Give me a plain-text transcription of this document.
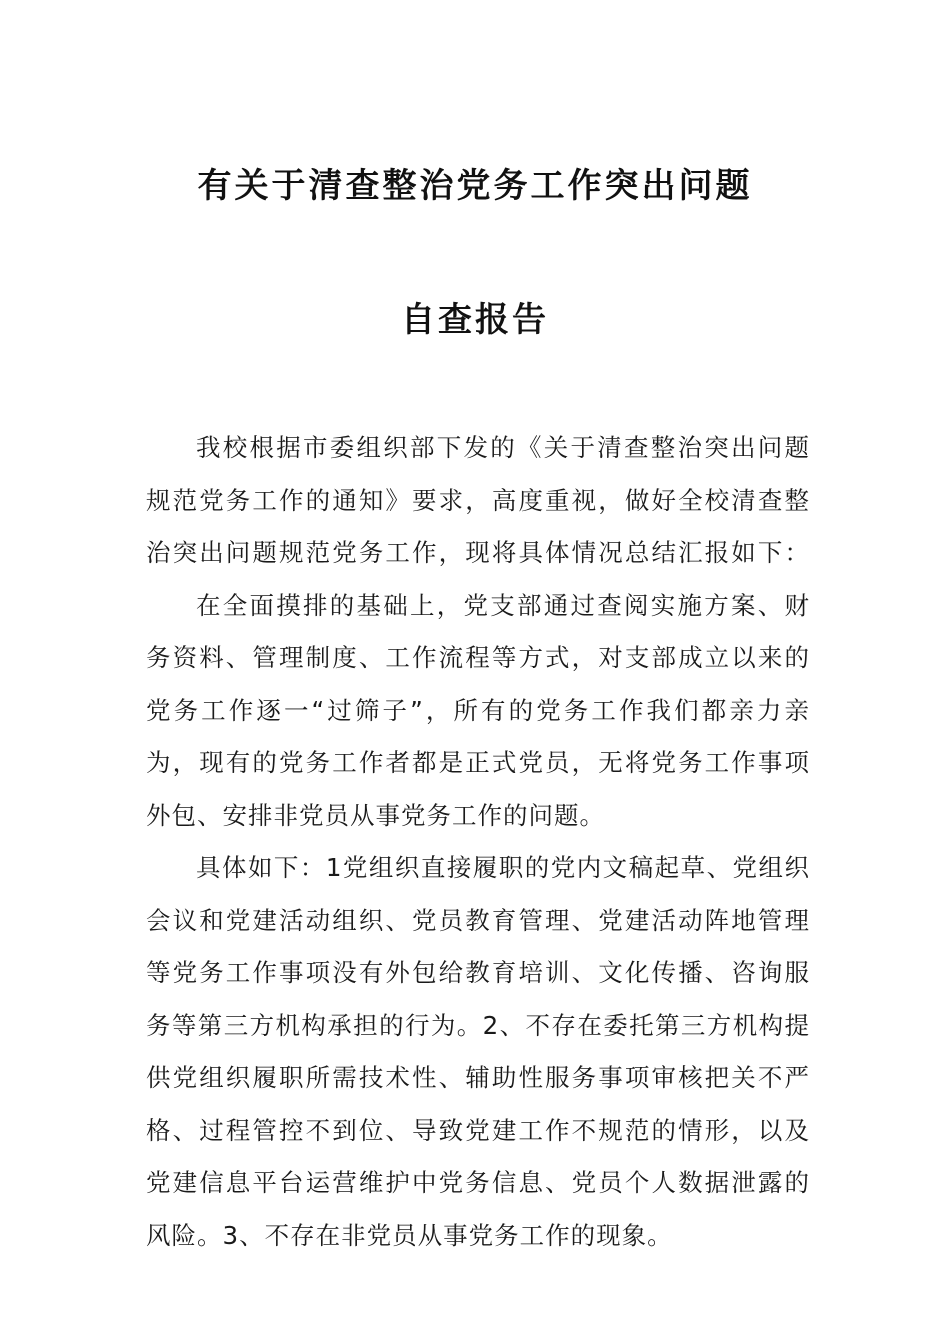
有关于清查整治党务工作突出问题
自查报告
我校根据市委组织部下发的《关于清查整治突出问题
规范党务工作的通知》要求，高度重视，做好全校清查整
治突出问题规范党务工作，现将具体情况总结汇报如下：
在全面摸排的基础上，党支部通过查阅实施方案、财
务资料、管理制度、工作流程等方式，对支部成立以来的
党务工作逐一“过筛子”，所有的党务工作我们都亲力亲
为，现有的党务工作者都是正式党员，无将党务工作事项
外包、安排非党员从事党务工作的问题。
具体如下：1党组织直接履职的党内文稿起草、党组织
会议和党建活动组织、党员教育管理、党建活动阵地管理
等党务工作事项没有外包给教育培训、文化传播、咨询服
务等第三方机构承担的行为。2、不存在委托第三方机构提
供党组织履职所需技术性、辅助性服务事项审核把关不严
格、过程管控不到位、导致党建工作不规范的情形，以及
党建信息平台运营维护中党务信息、党员个人数据泄露的
风险。3、不存在非党员从事党务工作的现象。
